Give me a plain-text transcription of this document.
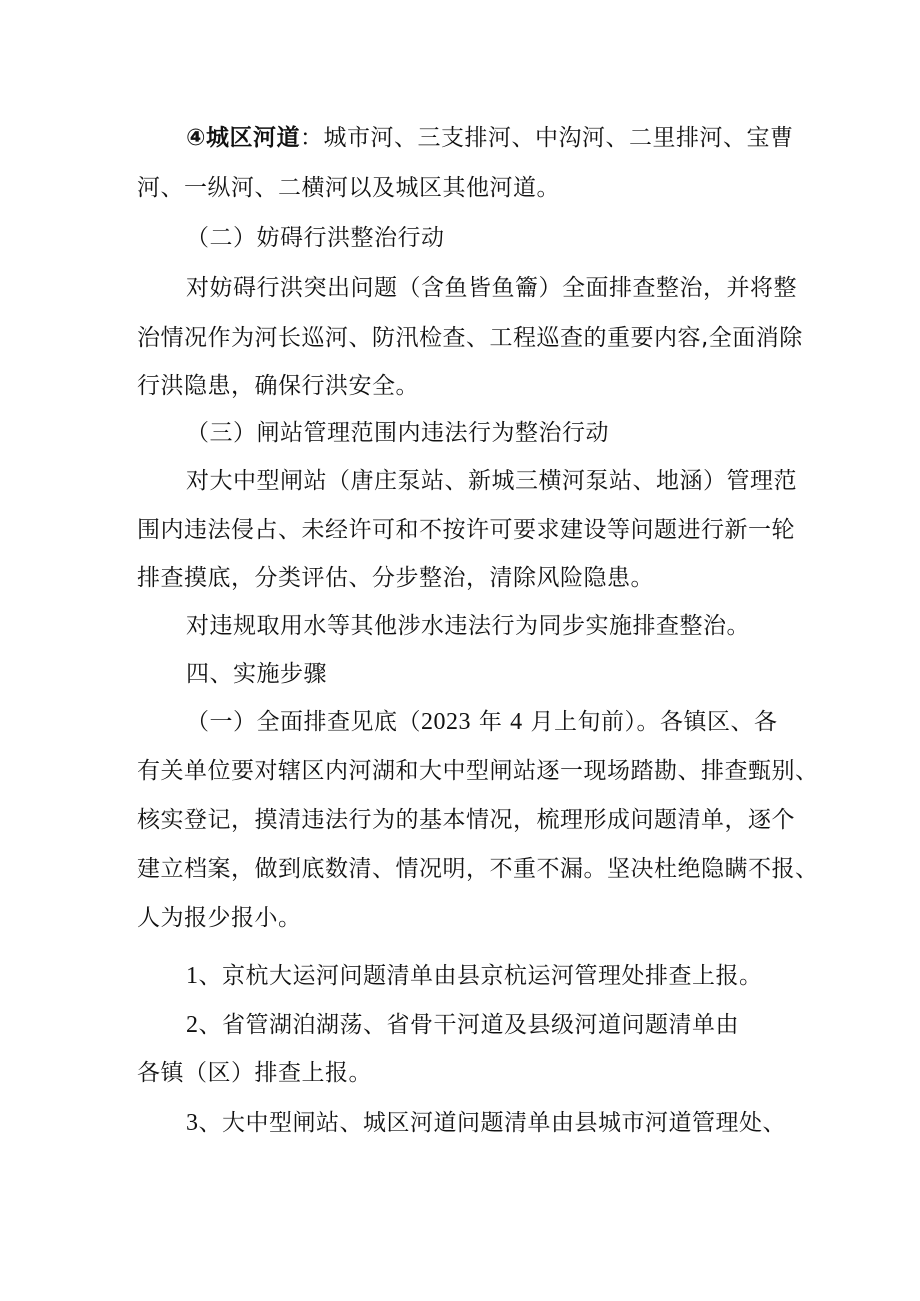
④城区河道：城市河、三支排河、中沟河、二里排河、宝曹
河、一纵河、二横河以及城区其他河道。
（二）妨碍行洪整治行动
对妨碍行洪突出问题（含鱼皆鱼籥）全面排查整治，并将整
治情况作为河长巡河、防汛检查、工程巡查的重要内容,全面消除
行洪隐患，确保行洪安全。
（三）闸站管理范围内违法行为整治行动
对大中型闸站（唐庄泵站、新城三横河泵站、地涵）管理范
围内违法侵占、未经许可和不按许可要求建设等问题进行新一轮
排查摸底，分类评估、分步整治，清除风险隐患。
对违规取用水等其他涉水违法行为同步实施排查整治。
四、实施步骤
（一）全面排查见底（2023 年 4 月上旬前）。各镇区、各
有关单位要对辖区内河湖和大中型闸站逐一现场踏勘、排查甄别、
核实登记，摸清违法行为的基本情况，梳理形成问题清单，逐个
建立档案，做到底数清、情况明，不重不漏。坚决杜绝隐瞒不报、
人为报少报小。
1、京杭大运河问题清单由县京杭运河管理处排查上报。
2、省管湖泊湖荡、省骨干河道及县级河道问题清单由
各镇（区）排查上报。
3、大中型闸站、城区河道问题清单由县城市河道管理处、
